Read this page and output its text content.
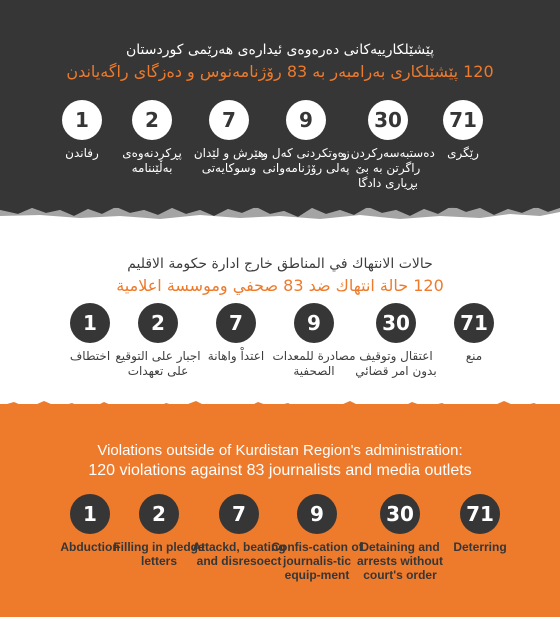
پێشێلکارییەکانی دەرەوەی ئیدارەی هەرێمی کوردستان
120 پێشێلکاری بەرامبەر بە 83 رۆژنامەنوس و دەزگای راگەیاندن
71
رێگری
30
دەستبەسەرکردن و راگرتن بە بێ بڕیاری دادگا
9
زەوتکردنی کەل و پەلی رۆژنامەوانی
7
هێرش و لێدان وسوکایەتی
2
پڕکردنەوەی بەڵێننامە
1
رفاندن
حالات الانتهاك في المناطق خارج ادارة حكومة الاقليم
120 حالة انتهاك ضد 83 صحفي وموسسة اعلامية
71
منع
30
اعتقال وتوقيف بدون امر قضائي
9
مصادرة للمعدات الصحفية
7
اعتداْ واهانة
2
اجبار على التوقيع على تعهدات
1
اختطاف
Violations outside of Kurdistan Region's administration:
120 violations against 83 journalists and media outlets
1
Abduction
2
Filling in pledge letters
7
Attackd, beating and disresoect
9
Confis-cation of journalis-tic equip-ment
30
Detaining and arrests without court's order
71
Deterring
